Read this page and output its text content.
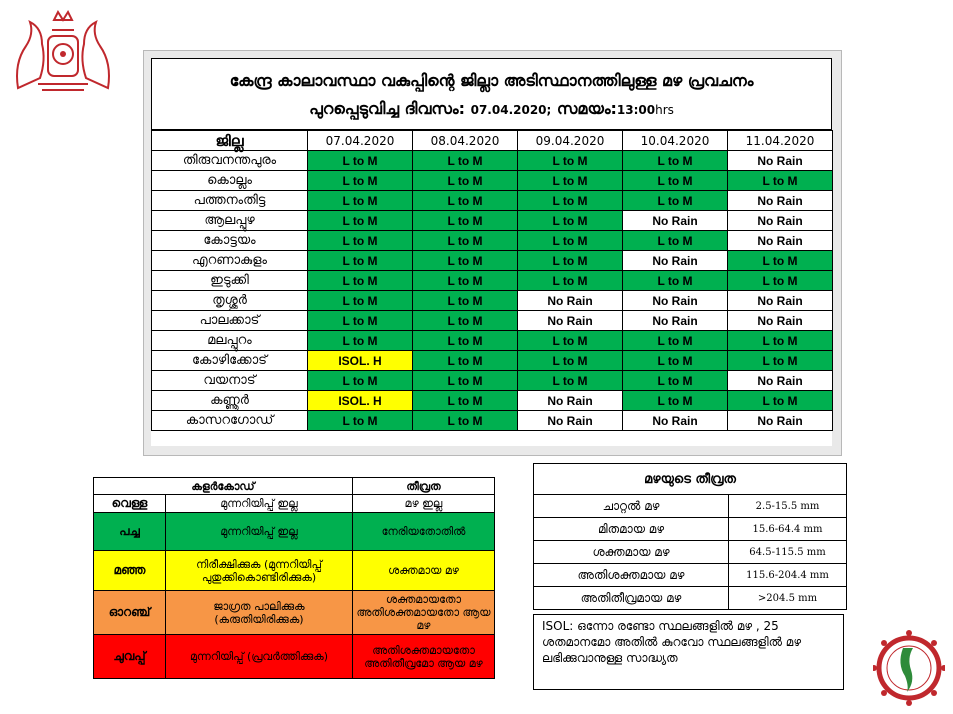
കേന്ദ്ര കാലാവസ്ഥാ വകുപ്പിന്റെ ജില്ലാ അടിസ്ഥാനത്തിലുള്ള മഴ പ്രവചനം
പുറപ്പെടുവിച്ച ദിവസം: 07.04.2020; സമയം:13:00hrs
ജില്ല	07.04.2020	08.04.2020	09.04.2020	10.04.2020	11.04.2020
തിരുവനന്തപുരം	L to M	L to M	L to M	L to M	No Rain
കൊല്ലം	L to M	L to M	L to M	L to M	L to M
പത്തനംതിട്ട	L to M	L to M	L to M	L to M	No Rain
ആലപ്പുഴ	L to M	L to M	L to M	No Rain	No Rain
കോട്ടയം	L to M	L to M	L to M	L to M	No Rain
എറണാകുളം	L to M	L to M	L to M	No Rain	L to M
ഇടുക്കി	L to M	L to M	L to M	L to M	L to M
തൃശ്ശൂർ	L to M	L to M	No Rain	No Rain	No Rain
പാലക്കാട്	L to M	L to M	No Rain	No Rain	No Rain
മലപ്പുറം	L to M	L to M	L to M	L to M	L to M
കോഴിക്കോട്	ISOL. H	L to M	L to M	L to M	L to M
വയനാട്	L to M	L to M	L to M	L to M	No Rain
കണ്ണൂർ	ISOL. H	L to M	No Rain	L to M	L to M
കാസറഗോഡ്	L to M	L to M	No Rain	No Rain	No Rain
കളർകോഡ്		തീവ്രത
വെള്ള	മുന്നറിയിപ്പ് ഇല്ല	മഴ ഇല്ല
പച്ച	മുന്നറിയിപ്പ് ഇല്ല	നേരിയതോതിൽ
മഞ്ഞ	നിരീക്ഷിക്കുക (മുന്നറിയിപ്പ് പുതുക്കികൊണ്ടിരിക്കുക)	ശക്തമായ മഴ
ഓറഞ്ച്	ജാഗ്രത പാലിക്കുക (കരുതിയിരിക്കുക)	ശക്തമായതോ അതിശക്തമായതോ ആയ മഴ
ചുവപ്പ്	മുന്നറിയിപ്പ് (പ്രവർത്തിക്കുക)	അതിശക്തമായതോ അതിതീവ്രമോ ആയ മഴ
മഴയുടെ തീവ്രത	
ചാറ്റൽ മഴ	2.5-15.5 mm
മിതമായ മഴ	15.6-64.4 mm
ശക്തമായ മഴ	64.5-115.5 mm
അതിശക്തമായ മഴ	115.6-204.4 mm
അതിതീവ്രമായ മഴ	>204.5 mm
ISOL: ഒന്നോ രണ്ടോ സ്ഥലങ്ങളിൽ മഴ , 25 ശതമാനമോ അതിൽ കുറവോ സ്ഥലങ്ങളിൽ മഴ ലഭിക്കുവാനുള്ള സാദ്ധ്യത
